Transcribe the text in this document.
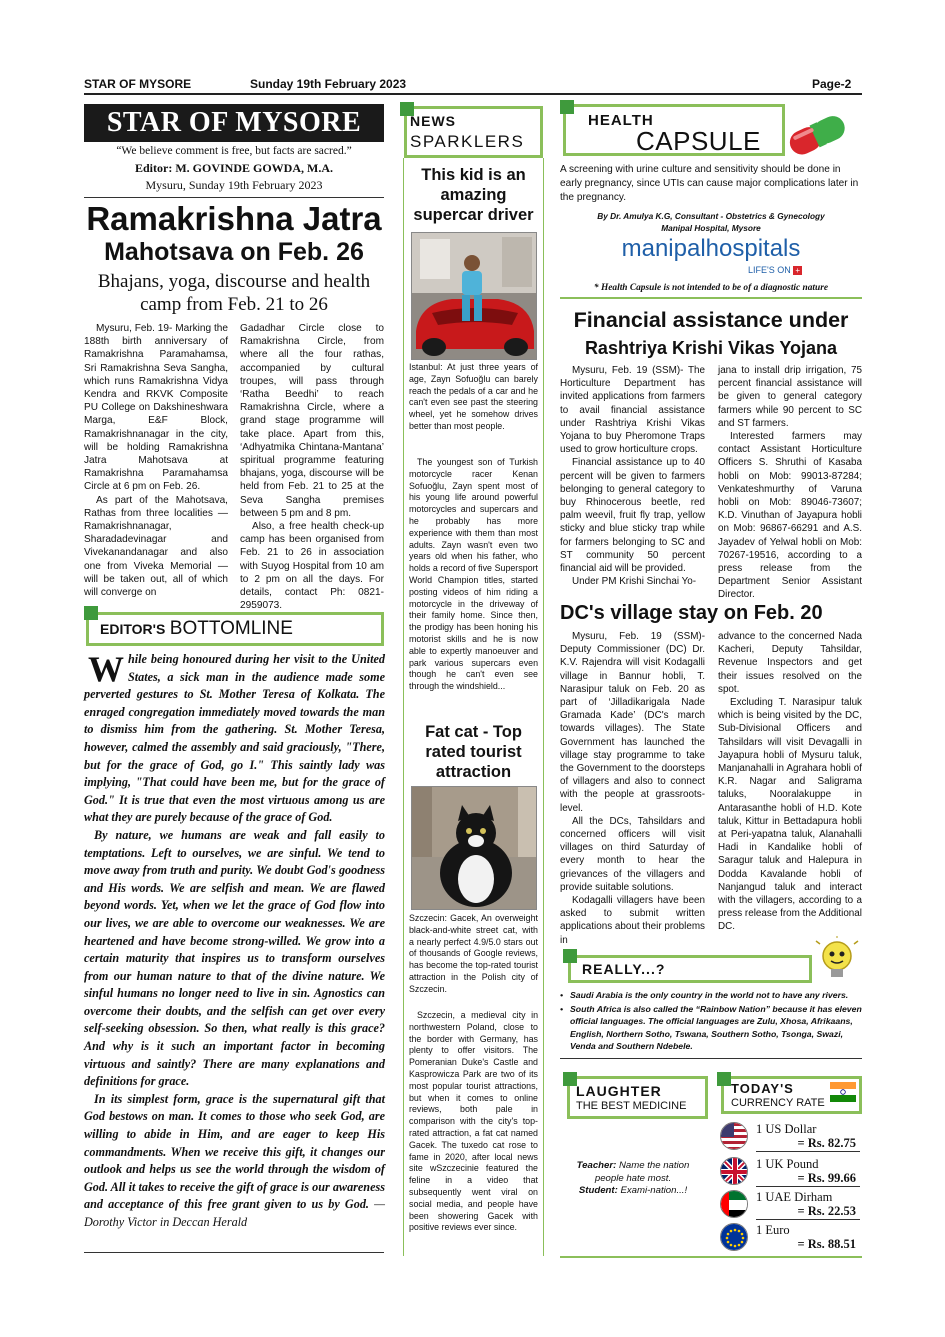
STAR OF MYSORE	Sunday 19th February 2023	Page-2
STAR OF MYSORE
“We believe comment is free, but facts are sacred.”
Editor: M. GOVINDE GOWDA, M.A.
Mysuru, Sunday 19th February 2023
Ramakrishna Jatra
Mahotsava on Feb. 26
Bhajans, yoga, discourse and health camp from Feb. 21 to 26

Mysuru, Feb. 19- Marking the 188th birth anniversary of Ramakrishna Paramahamsa, Sri Ramakrishna Seva Sangha, which runs Ramakrishna Vidya Kendra and RKVK Composite PU College on Dakshineshwara Marga, E&F Block, Ramakrishnanagar in the city, will be holding Ramakrishna Jatra Mahotsava at Ramakrishna Paramahamsa Circle at 6 pm on Feb. 26.

As part of the Mahotsava, Rathas from three localities — Ramakrishnanagar, Sharadadevinagar and Vivekanandanagar and also one from Viveka Memorial — will be taken out, all of which will converge on

Gadadhar Circle close to Ramakrishna Circle, from where all the four rathas, accompanied by cultural troupes, will pass through ‘Ratha Beedhi’ to reach Ramakrishna Circle, where a grand stage programme will take place. Apart from this, ‘Adhyatmika Chintana-Mantana’ spiritual programme featuring bhajans, yoga, discourse will be held from Feb. 21 to 25 at the Seva Sangha premises between 5 pm and 8 pm.

Also, a free health check-up camp has been organised from Feb. 21 to 26 in association with Suyog Hospital from 10 am to 2 pm on all the days. For details, contact Ph: 0821-2959073.

EDITOR'S BOTTOMLINE

While being honoured during her visit to the United States, a sick man in the audience made some perverted gestures to St. Mother Teresa of Kolkata. The enraged congregation immediately moved towards the man to dismiss him from the gathering. St. Mother Teresa, however, calmed the assembly and said graciously, "There, but for the grace of God, go I." This saintly lady was implying, "That could have been me, but for the grace of God." It is true that even the most virtuous among us are what they are purely because of the grace of God.

By nature, we humans are weak and fall easily to temptations. Left to ourselves, we are sinful. We tend to move away from truth and purity. We doubt God's goodness and His words. We are selfish and mean. We are flawed beyond words. Yet, when we let the grace of God flow into our lives, we are able to overcome our weaknesses. We are heartened and have become strong-willed. We grow into a certain maturity that inspires us to transform ourselves from our human nature to that of the divine nature. We sinful humans no longer need to live in sin. Agnostics can overcome their doubts, and the selfish can get over every self-seeking obsession. So then, what really is this grace? And why is it such an important factor in becoming virtuous and saintly? There are many explanations and definitions for grace.

In its simplest form, grace is the supernatural gift that God bestows on man. It comes to those who seek God, are willing to abide in Him, and are eager to keep His commandments. When we receive this gift, it changes our outlook and helps us see the world through the wisdom of God. All it takes to receive the gift of grace is our awareness and acceptance of this free grant given to us by God. —Dorothy Victor in Deccan Herald

NEWS
SPARKLERS
This kid is an amazing supercar driver
Istanbul: At just three years of age, Zayn Sofuoğlu can barely reach the pedals of a car and he can't even see past the steering wheel, yet he somehow drives better than most people.
The youngest son of Turkish motorcycle racer Kenan Sofuoğlu, Zayn spent most of his young life around powerful motorcycles and supercars and he probably has more experience with them than most adults. Zayn wasn't even two years old when his father, who holds a record of five Supersport World Champion titles, started posting videos of him riding a motorcycle in the driveway of their family home. Since then, the prodigy has been honing his motorist skills and he is now able to expertly manoeuver and park various supercars even though he can't even see through the windshield...
Fat cat - Top rated tourist attraction
Szczecin: Gacek, An overweight black-and-white street cat, with a nearly perfect 4.9/5.0 stars out of thousands of Google reviews, has become the top-rated tourist attraction in the Polish city of Szczecin.
Szczecin, a medieval city in northwestern Poland, close to the border with Germany, has plenty to offer visitors. The Pomeranian Duke's Castle and Kasprowicza Park are two of its most popular tourist attractions, but when it comes to online reviews, both pale in comparison with the city's top-rated attraction, a fat cat named Gacek. The tuxedo cat rose to fame in 2020, after local news site wSzczecinie featured the feline in a video that subsequently went viral on social media, and people have been showering Gacek with positive reviews ever since.
HEALTH
CAPSULE
A screening with urine culture and sensitivity should be done in early pregnancy, since UTIs can cause major complications later in the pregnancy.
By Dr. Amulya K.G, Consultant - Obstetrics & Gynecology
Manipal Hospital, Mysore
manipalhospitals
LIFE'S ON +
* Health Capsule is not intended to be of a diagnostic nature
Financial assistance under
Rashtriya Krishi Vikas Yojana

Mysuru, Feb. 19 (SSM)- The Horticulture Department has invited applications from farmers to avail financial assistance under Rashtriya Krishi Vikas Yojana to buy Pheromone Traps used to grow horticulture crops.

Financial assistance up to 40 percent will be given to farmers belonging to general category to buy Rhinocerous beetle, red palm weevil, fruit fly trap, yellow sticky and blue sticky trap while for farmers belonging to SC and ST community 50 percent financial aid will be provided.

Under PM Krishi Sinchai Yo-

jana to install drip irrigation, 75 percent financial assistance will be given to general category farmers while 90 percent to SC and ST farmers.

Interested farmers may contact Assistant Horticulture Officers S. Shruthi of Kasaba hobli on Mob: 99013-87284; Venkateshmurthy of Varuna hobli on Mob: 89046-73607; K.D. Vinuthan of Jayapura hobli on Mob: 96867-66291 and A.S. Jayadev of Yelwal hobli on Mob: 70267-19516, according to a press release from the Department Senior Assistant Director.

DC's village stay on Feb. 20

Mysuru, Feb. 19 (SSM)- Deputy Commissioner (DC) Dr. K.V. Rajendra will visit Kodagalli village in Bannur hobli, T. Narasipur taluk on Feb. 20 as part of ‘Jilladikarigala Nade Gramada Kade’ (DC's march towards villages). The State Government has launched the village stay programme to take the Government to the doorsteps of villagers and also to connect with the people at grassroots-level.

All the DCs, Tahsildars and concerned officers will visit villages on third Saturday of every month to hear the grievances of the villagers and provide suitable solutions.

Kodagalli villagers have been asked to submit written applications about their problems in

advance to the concerned Nada Kacheri, Deputy Tahsildar, Revenue Inspectors and get their issues resolved on the spot.

Excluding T. Narasipur taluk which is being visited by the DC, Sub-Divisional Officers and Tahsildars will visit Devagalli in Jayapura hobli of Mysuru taluk, Manjanahalli in Agrahara hobli of K.R. Nagar and Saligrama taluks, Nooralakuppe in Antarasanthe hobli of H.D. Kote taluk, Kittur in Bettadapura hobli at Peri-yapatna taluk, Alanahalli Hadi in Kandalike hobli of Saragur taluk and Halepura in Dodda Kavalande hobli of Nanjangud taluk and interact with the villagers, according to a press release from the Additional DC.

REALLY...?
• Saudi Arabia is the only country in the world not to have any rivers.
• South Africa is also called the “Rainbow Nation” because it has eleven official languages. The official languages are Zulu, Xhosa, Afrikaans, English, Northern Sotho, Tswana, Southern Sotho, Tsonga, Swazi, Venda and Southern Ndebele.
LAUGHTER
THE BEST MEDICINE
Teacher: Name the nation people hate most.
Student: Exami-nation...!
TODAY'S
CURRENCY RATE
1 US Dollar
= Rs. 82.75
1 UK Pound
= Rs. 99.66
1 UAE Dirham
= Rs. 22.53
1 Euro
= Rs. 88.51
